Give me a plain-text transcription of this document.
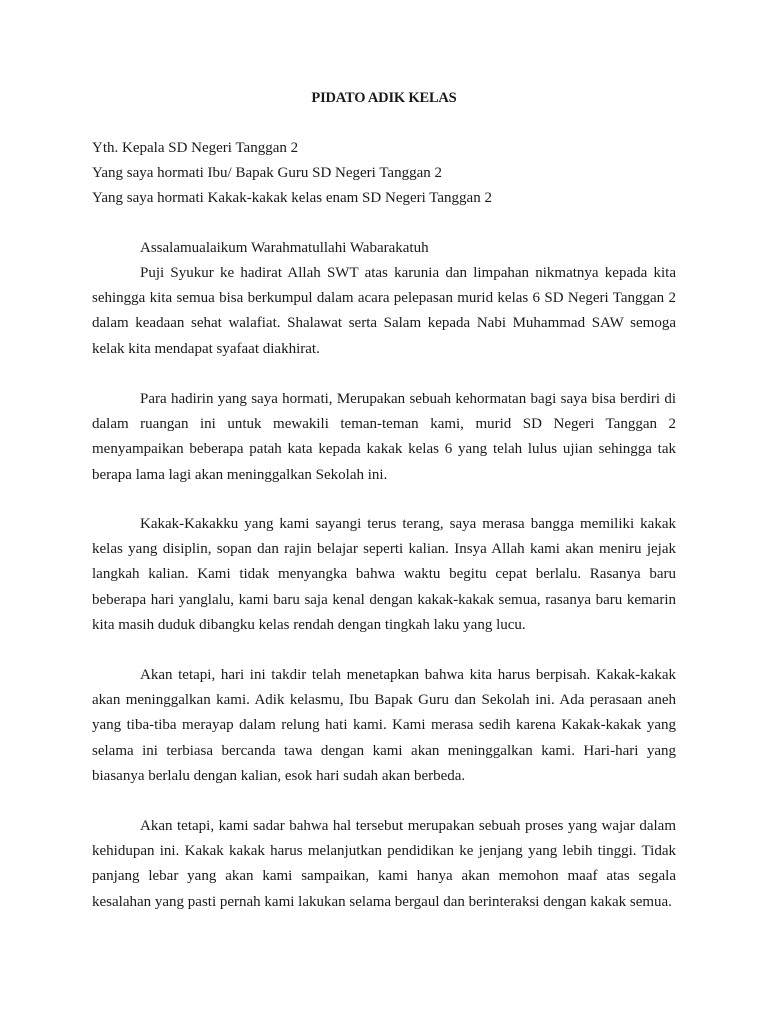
PIDATO ADIK KELAS
Yth. Kepala SD Negeri Tanggan 2
Yang saya hormati Ibu/ Bapak Guru SD Negeri Tanggan 2
Yang saya hormati Kakak-kakak kelas enam SD Negeri Tanggan 2
Assalamualaikum Warahmatullahi Wabarakatuh

Puji Syukur ke hadirat Allah SWT atas karunia dan limpahan nikmatnya kepada kita sehingga kita semua bisa berkumpul dalam acara pelepasan murid kelas 6 SD Negeri Tanggan 2 dalam keadaan sehat walafiat. Shalawat serta Salam kepada Nabi Muhammad SAW semoga kelak kita mendapat syafaat diakhirat.

Para hadirin yang saya hormati, Merupakan sebuah kehormatan bagi saya bisa berdiri di dalam ruangan ini untuk mewakili teman-teman kami, murid SD Negeri Tanggan 2 menyampaikan beberapa patah kata kepada kakak kelas 6 yang telah lulus ujian sehingga tak berapa lama lagi akan meninggalkan Sekolah ini.

Kakak-Kakakku yang kami sayangi terus terang, saya merasa bangga memiliki kakak kelas yang disiplin, sopan dan rajin belajar seperti kalian. Insya Allah kami akan meniru jejak langkah kalian. Kami tidak menyangka bahwa waktu begitu cepat berlalu. Rasanya baru beberapa hari yanglalu, kami baru saja kenal dengan kakak-kakak semua, rasanya baru kemarin kita masih duduk dibangku kelas rendah dengan tingkah laku yang lucu.

Akan tetapi, hari ini takdir telah menetapkan bahwa kita harus berpisah. Kakak-kakak akan meninggalkan kami. Adik kelasmu, Ibu Bapak Guru dan Sekolah ini. Ada perasaan aneh yang tiba-tiba merayap dalam relung hati kami. Kami merasa sedih karena Kakak-kakak yang selama ini terbiasa bercanda tawa dengan kami akan meninggalkan kami. Hari-hari yang biasanya berlalu dengan kalian, esok hari sudah akan berbeda.

Akan tetapi, kami sadar bahwa hal tersebut merupakan sebuah proses yang wajar dalam kehidupan ini. Kakak kakak harus melanjutkan pendidikan ke jenjang yang lebih tinggi. Tidak panjang lebar yang akan kami sampaikan, kami hanya akan memohon maaf atas segala kesalahan yang pasti pernah kami lakukan selama bergaul dan berinteraksi dengan kakak semua.
